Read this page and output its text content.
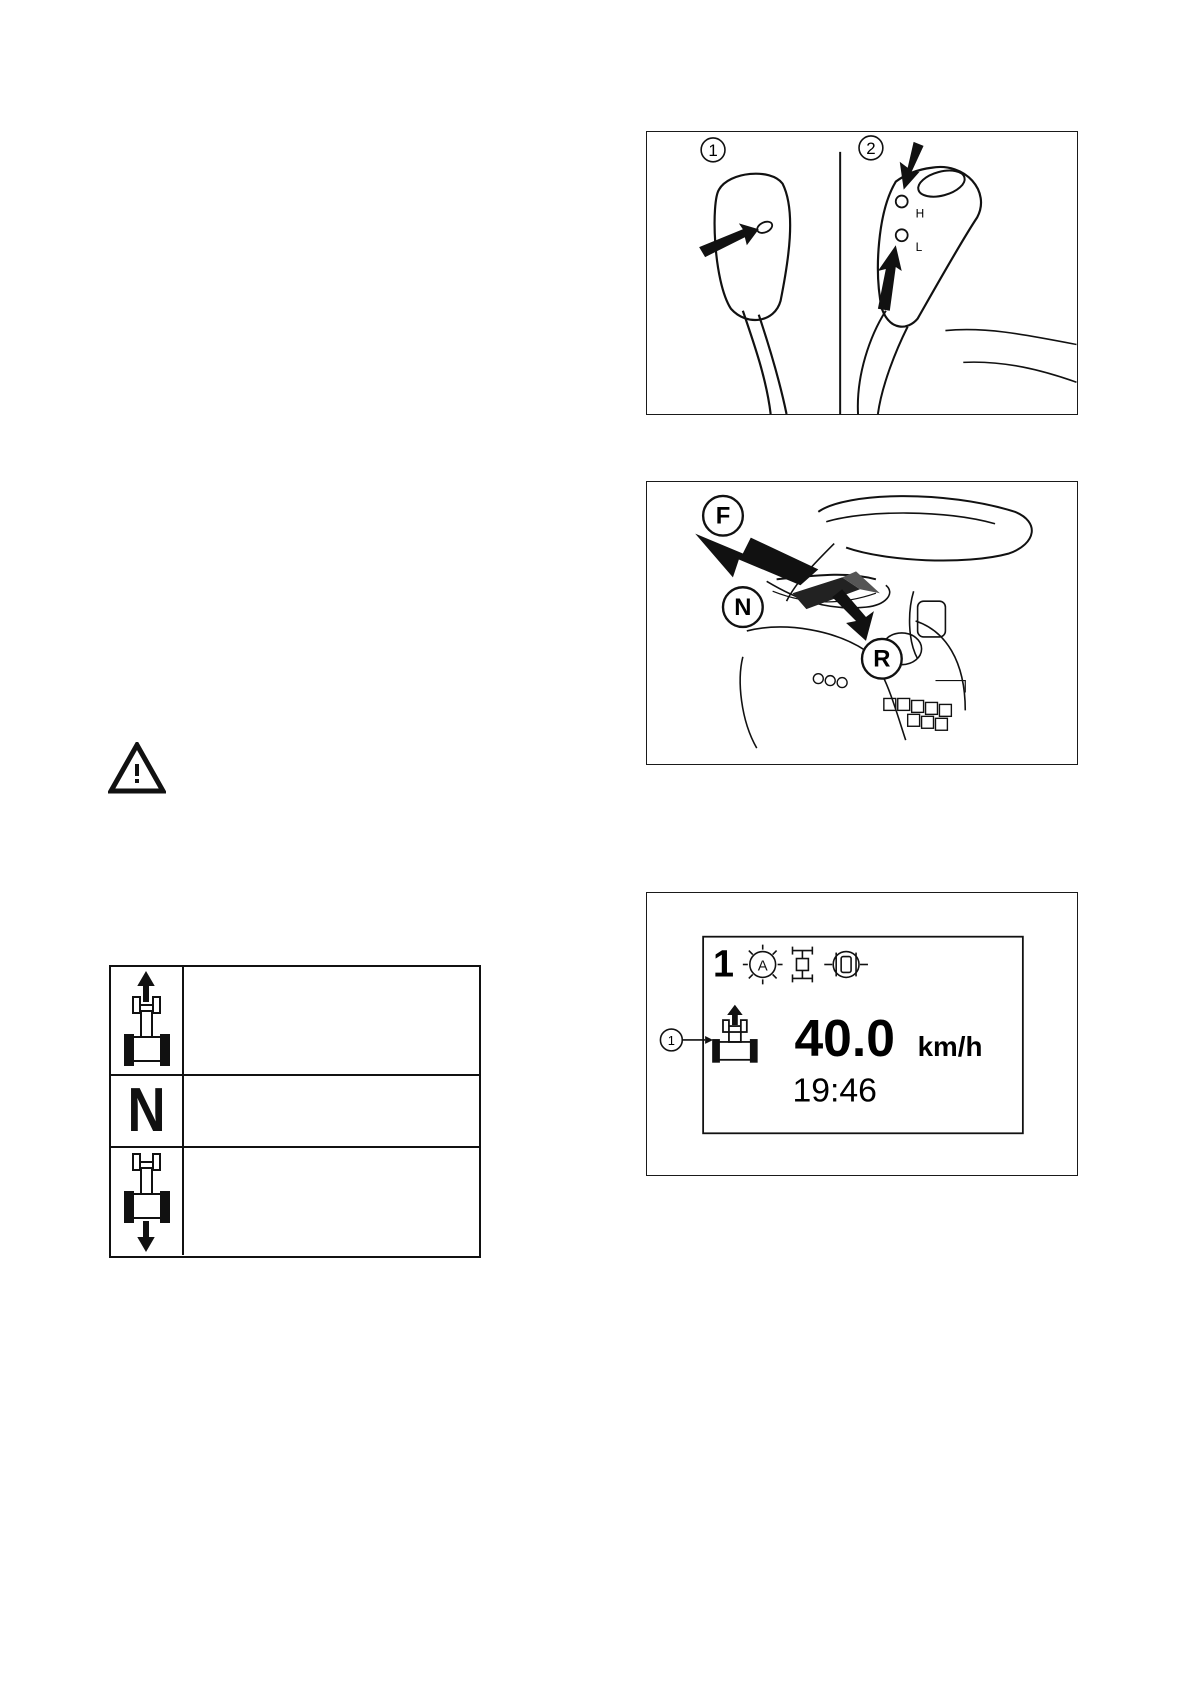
1	2
H
L
F
N
R
1 A
1 40.0 km/h
19:46
N
